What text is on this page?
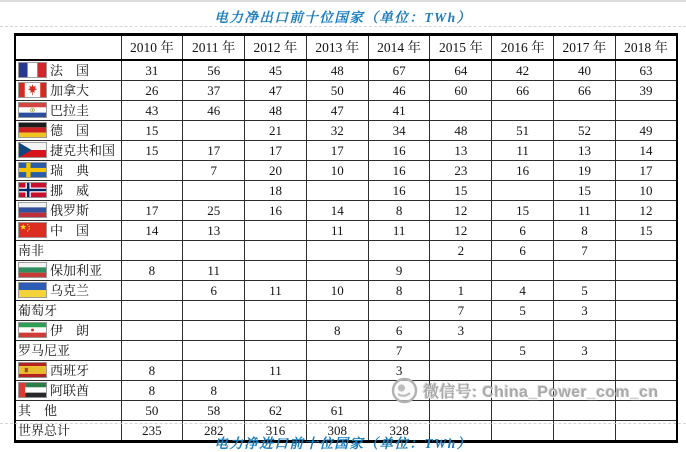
电力净出口前十位国家（单位：TWh）
	2010 年	2011 年	2012 年	2013 年	2014 年	2015 年	2016 年	2017 年	2018 年
法　国	31	56	45	48	67	64	42	40	63
加拿大	26	37	47	50	46	60	66	66	39
巴拉圭	43	46	48	47	41				
德　国	15		21	32	34	48	51	52	49
捷克共和国	15	17	17	17	16	13	11	13	14
瑞　典		7	20	10	16	23	16	19	17
挪　威			18		16	15		15	10
俄罗斯	17	25	16	14	8	12	15	11	12
中　国	14	13		11	11	12	6	8	15
南非						2	6	7	
保加利亚	8	11			9				
乌克兰		6	11	10	8	1	4	5	
葡萄牙						7	5	3	
伊　朗				8	6	3			
罗马尼亚					7		5	3	
西班牙	8		11		3				
阿联酋	8	8							
其　他	50	58	62	61					
世界总计	235	282	316	308	328				
微信号: China_Power_com_cn
电力净进口前十位国家（单位：TWh）
